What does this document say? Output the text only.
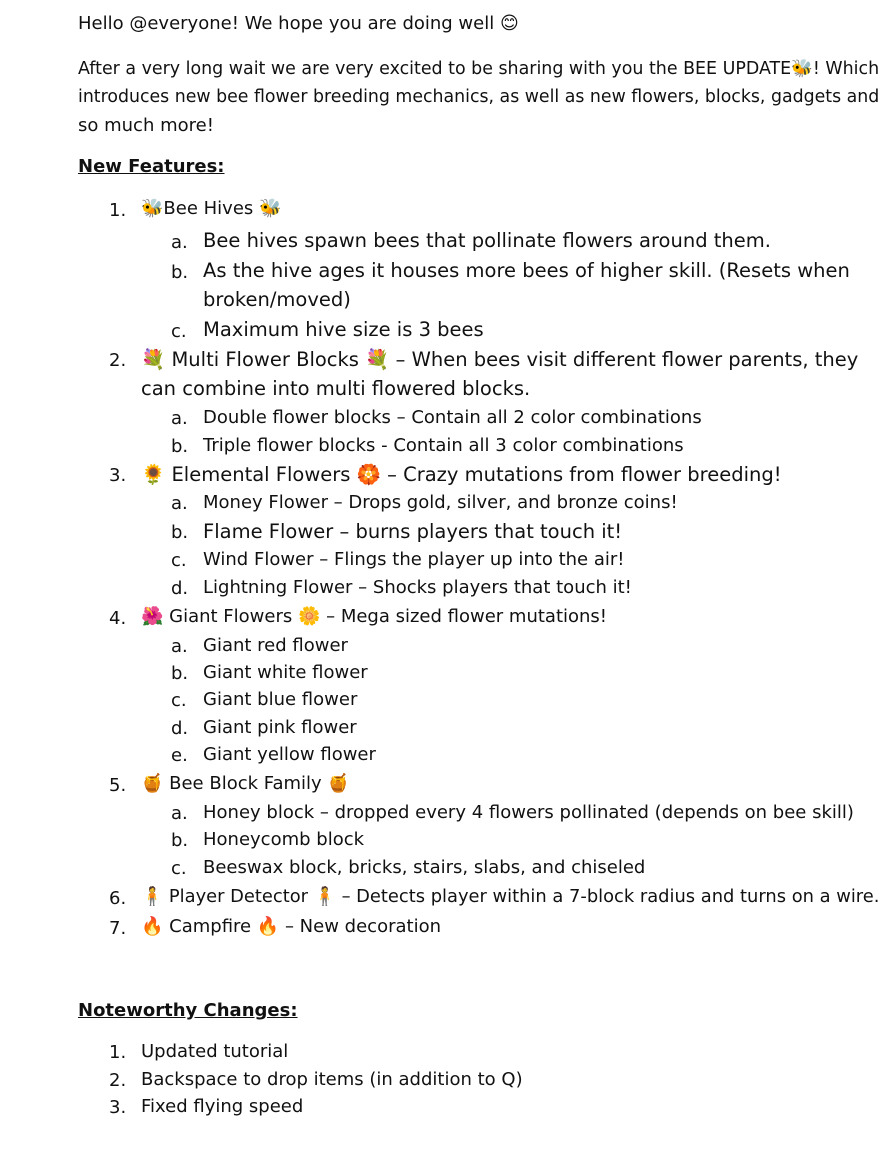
Hello @everyone! We hope you are doing well 😊
After a very long wait we are very excited to be sharing with you the BEE UPDATE🐝! Which
introduces new bee flower breeding mechanics, as well as new flowers, blocks, gadgets and
so much more!
New Features:
1. 🐝Bee Hives 🐝
a. Bee hives spawn bees that pollinate flowers around them.
b. As the hive ages it houses more bees of higher skill. (Resets when
broken/moved)
c. Maximum hive size is 3 bees
2. 💐 Multi Flower Blocks 💐 – When bees visit different flower parents, they
can combine into multi flowered blocks.
a. Double flower blocks – Contain all 2 color combinations
b. Triple flower blocks - Contain all 3 color combinations
3. 🌻 Elemental Flowers 🏵️ – Crazy mutations from flower breeding!
a. Money Flower – Drops gold, silver, and bronze coins!
b. Flame Flower – burns players that touch it!
c. Wind Flower – Flings the player up into the air!
d. Lightning Flower – Shocks players that touch it!
4. 🌺 Giant Flowers 🌼 – Mega sized flower mutations!
a. Giant red flower
b. Giant white flower
c. Giant blue flower
d. Giant pink flower
e. Giant yellow flower
5. 🍯 Bee Block Family 🍯
a. Honey block – dropped every 4 flowers pollinated (depends on bee skill)
b. Honeycomb block
c. Beeswax block, bricks, stairs, slabs, and chiseled
6. 🧍 Player Detector 🧍 – Detects player within a 7-block radius and turns on a wire.
7. 🔥 Campfire 🔥 – New decoration
Noteworthy Changes:
1. Updated tutorial
2. Backspace to drop items (in addition to Q)
3. Fixed flying speed
